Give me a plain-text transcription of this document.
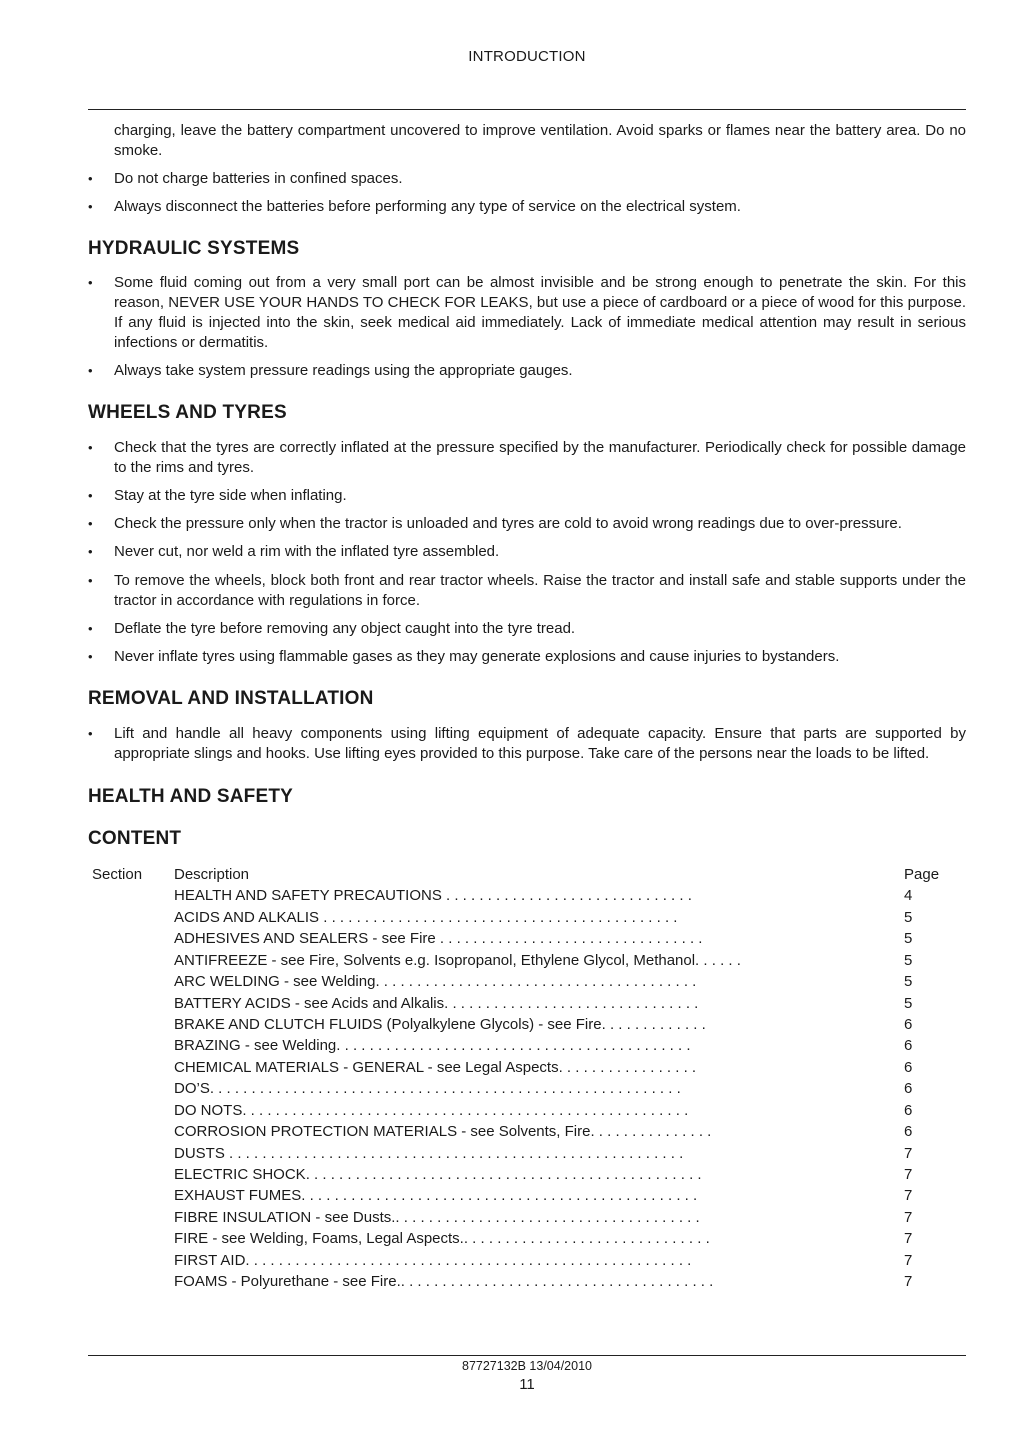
INTRODUCTION

charging, leave the battery compartment uncovered to improve ventilation. Avoid sparks or flames near the battery area. Do no smoke.

• Do not charge batteries in confined spaces.
• Always disconnect the batteries before performing any type of service on the electrical system.
HYDRAULIC SYSTEMS
• Some fluid coming out from a very small port can be almost invisible and be strong enough to penetrate the skin. For this reason, NEVER USE YOUR HANDS TO CHECK FOR LEAKS, but use a piece of cardboard or a piece of wood for this purpose. If any fluid is injected into the skin, seek medical aid immediately. Lack of immediate medical attention may result in serious infections or dermatitis.
• Always take system pressure readings using the appropriate gauges.
WHEELS AND TYRES
• Check that the tyres are correctly inflated at the pressure specified by the manufacturer. Periodically check for possible damage to the rims and tyres.
• Stay at the tyre side when inflating.
• Check the pressure only when the tractor is unloaded and tyres are cold to avoid wrong readings due to over-pressure.
• Never cut, nor weld a rim with the inflated tyre assembled.
• To remove the wheels, block both front and rear tractor wheels. Raise the tractor and install safe and stable supports under the tractor in accordance with regulations in force.
• Deflate the tyre before removing any object caught into the tyre tread.
• Never inflate tyres using flammable gases as they may generate explosions and cause injuries to bystanders.
REMOVAL AND INSTALLATION
• Lift and handle all heavy components using lifting equipment of adequate capacity. Ensure that parts are supported by appropriate slings and hooks. Use lifting eyes provided to this purpose. Take care of the persons near the loads to be lifted.
HEALTH AND SAFETY
CONTENT
Section	Description	Page
HEALTH AND SAFETY PRECAUTIONS . . . . . . . . . . . . . . . . . . . . . . . . . . . . . .	4
ACIDS AND ALKALIS . . . . . . . . . . . . . . . . . . . . . . . . . . . . . . . . . . . . . . . . . . .	5
ADHESIVES AND SEALERS - see Fire . . . . . . . . . . . . . . . . . . . . . . . . . . . . . . . .	5
ANTIFREEZE - see Fire, Solvents e.g. Isopropanol, Ethylene Glycol, Methanol. . . . . .	5
ARC WELDING - see Welding. . . . . . . . . . . . . . . . . . . . . . . . . . . . . . . . . . . . . . .	5
BATTERY ACIDS - see Acids and Alkalis. . . . . . . . . . . . . . . . . . . . . . . . . . . . . . .	5
BRAKE AND CLUTCH FLUIDS (Polyalkylene Glycols) - see Fire. . . . . . . . . . . . .	6
BRAZING - see Welding. . . . . . . . . . . . . . . . . . . . . . . . . . . . . . . . . . . . . . . . . . .	6
CHEMICAL MATERIALS - GENERAL - see Legal Aspects. . . . . . . . . . . . . . . . .	6
DO’S. . . . . . . . . . . . . . . . . . . . . . . . . . . . . . . . . . . . . . . . . . . . . . . . . . . . . . . . .	6
DO NOTS. . . . . . . . . . . . . . . . . . . . . . . . . . . . . . . . . . . . . . . . . . . . . . . . . . . . . .	6
CORROSION PROTECTION MATERIALS - see Solvents, Fire. . . . . . . . . . . . . . .	6
DUSTS . . . . . . . . . . . . . . . . . . . . . . . . . . . . . . . . . . . . . . . . . . . . . . . . . . . . . . .	7
ELECTRIC SHOCK. . . . . . . . . . . . . . . . . . . . . . . . . . . . . . . . . . . . . . . . . . . . . . . .	7
EXHAUST FUMES. . . . . . . . . . . . . . . . . . . . . . . . . . . . . . . . . . . . . . . . . . . . . . . .	7
FIBRE INSULATION - see Dusts.. . . . . . . . . . . . . . . . . . . . . . . . . . . . . . . . . . . . .	7
FIRE - see Welding, Foams, Legal Aspects.. . . . . . . . . . . . . . . . . . . . . . . . . . . . . .	7
FIRST AID. . . . . . . . . . . . . . . . . . . . . . . . . . . . . . . . . . . . . . . . . . . . . . . . . . . . . .	7
FOAMS - Polyurethane - see Fire.. . . . . . . . . . . . . . . . . . . . . . . . . . . . . . . . . . . . . .	7
87727132B 13/04/2010
11
